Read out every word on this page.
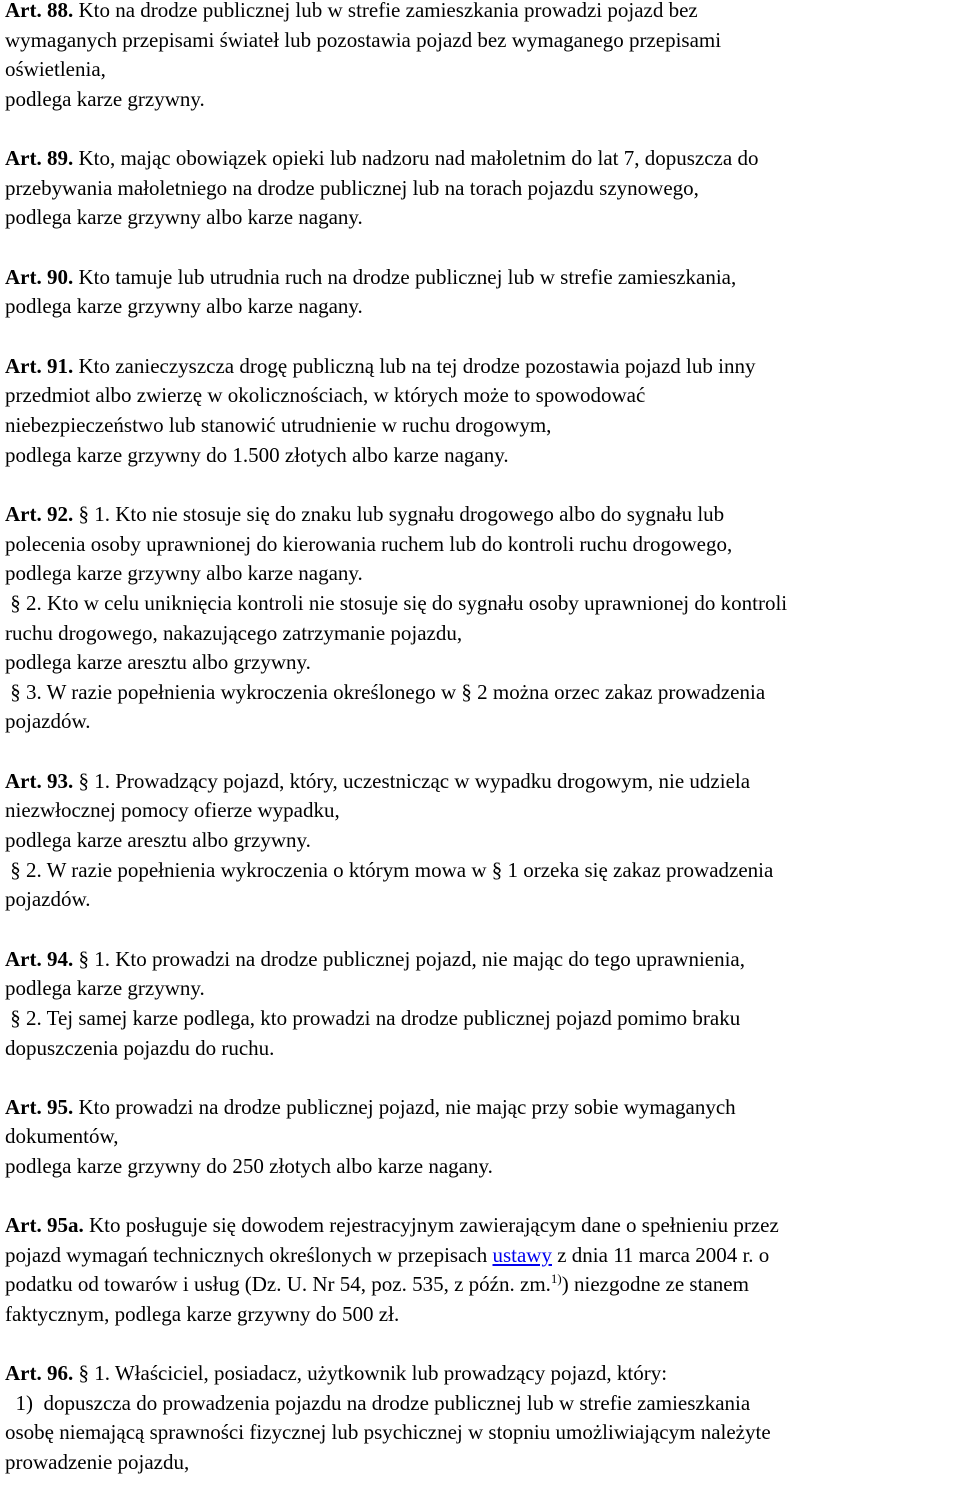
Art. 88. Kto na drodze publicznej lub w strefie zamieszkania prowadzi pojazd bez
wymaganych przepisami świateł lub pozostawia pojazd bez wymaganego przepisami
oświetlenia,
podlega karze grzywny.
Art. 89. Kto, mając obowiązek opieki lub nadzoru nad małoletnim do lat 7, dopuszcza do
przebywania małoletniego na drodze publicznej lub na torach pojazdu szynowego,
podlega karze grzywny albo karze nagany.
Art. 90. Kto tamuje lub utrudnia ruch na drodze publicznej lub w strefie zamieszkania,
podlega karze grzywny albo karze nagany.
Art. 91. Kto zanieczyszcza drogę publiczną lub na tej drodze pozostawia pojazd lub inny
przedmiot albo zwierzę w okolicznościach, w których może to spowodować
niebezpieczeństwo lub stanowić utrudnienie w ruchu drogowym,
podlega karze grzywny do 1.500 złotych albo karze nagany.
Art. 92. § 1. Kto nie stosuje się do znaku lub sygnału drogowego albo do sygnału lub
polecenia osoby uprawnionej do kierowania ruchem lub do kontroli ruchu drogowego,
podlega karze grzywny albo karze nagany.
§ 2. Kto w celu uniknięcia kontroli nie stosuje się do sygnału osoby uprawnionej do kontroli
ruchu drogowego, nakazującego zatrzymanie pojazdu,
podlega karze aresztu albo grzywny.
§ 3. W razie popełnienia wykroczenia określonego w § 2 można orzec zakaz prowadzenia
pojazdów.
Art. 93. § 1. Prowadzący pojazd, który, uczestnicząc w wypadku drogowym, nie udziela
niezwłocznej pomocy ofierze wypadku,
podlega karze aresztu albo grzywny.
§ 2. W razie popełnienia wykroczenia o którym mowa w § 1 orzeka się zakaz prowadzenia
pojazdów.
Art. 94. § 1. Kto prowadzi na drodze publicznej pojazd, nie mając do tego uprawnienia,
podlega karze grzywny.
§ 2. Tej samej karze podlega, kto prowadzi na drodze publicznej pojazd pomimo braku
dopuszczenia pojazdu do ruchu.
Art. 95. Kto prowadzi na drodze publicznej pojazd, nie mając przy sobie wymaganych
dokumentów,
podlega karze grzywny do 250 złotych albo karze nagany.
Art. 95a. Kto posługuje się dowodem rejestracyjnym zawierającym dane o spełnieniu przez
pojazd wymagań technicznych określonych w przepisach ustawy z dnia 11 marca 2004 r. o
podatku od towarów i usług (Dz. U. Nr 54, poz. 535, z późn. zm.$^{1)}$) niezgodne ze stanem
faktycznym, podlega karze grzywny do 500 zł.
Art. 96. § 1. Właściciel, posiadacz, użytkownik lub prowadzący pojazd, który:
1)  dopuszcza do prowadzenia pojazdu na drodze publicznej lub w strefie zamieszkania
osobę niemającą sprawności fizycznej lub psychicznej w stopniu umożliwiającym należyte
prowadzenie pojazdu,
